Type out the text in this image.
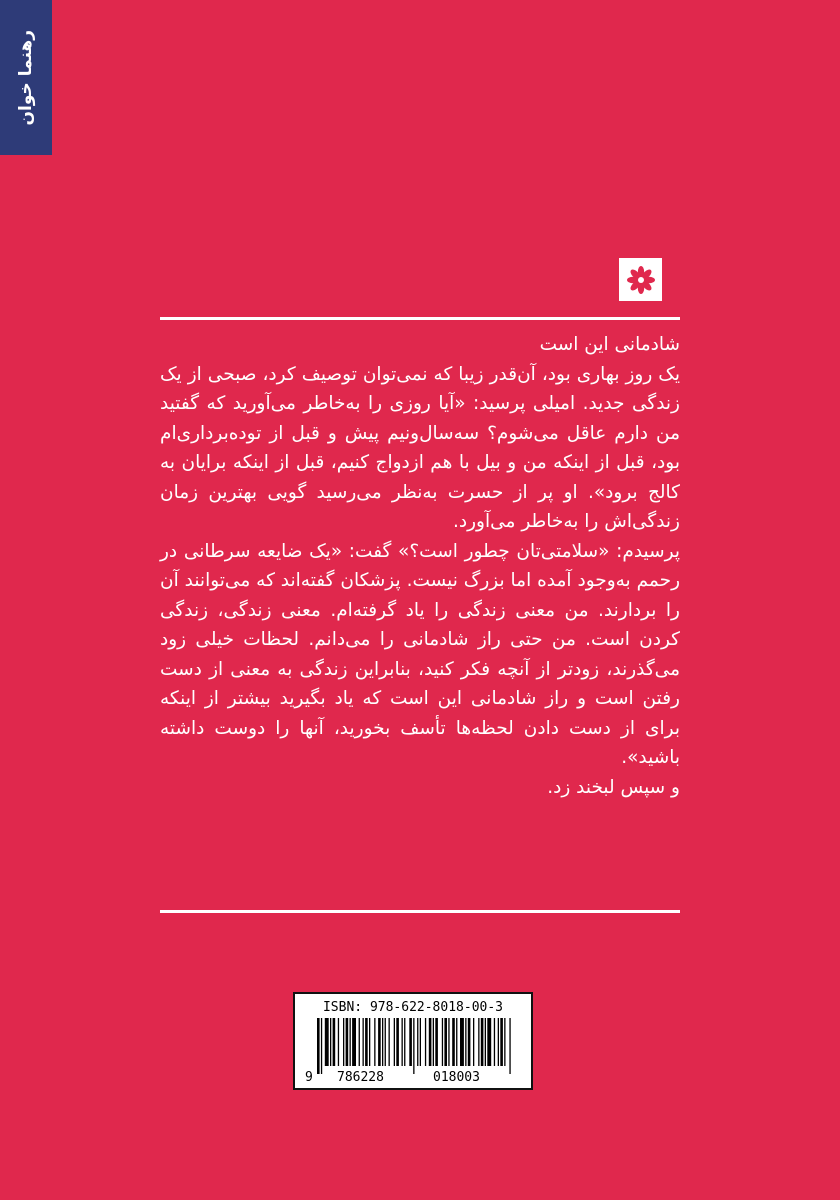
رهنما خوان

شادمانی این است

یک روز بهاری بود، آن‌قدر زیبا که نمی‌توان توصیف کرد، صبحی از یک زندگی جدید. امیلی پرسید: «آیا روزی را به‌خاطر می‌آورید که گفتید من دارم عاقل می‌شوم؟ سه‌سال‌ونیم پیش و قبل از توده‌برداری‌ام بود، قبل از اینکه من و بیل با هم ازدواج کنیم، قبل از اینکه برایان به کالج برود». او پر از حسرت به‌نظر می‌رسید گویی بهترین زمان زندگی‌اش را به‌خاطر می‌آورد.

پرسیدم: «سلامتی‌تان چطور است؟» گفت: «یک ضایعه سرطانی در رحمم به‌وجود آمده اما بزرگ نیست. پزشکان گفته‌اند که می‌توانند آن را بردارند. من معنی زندگی را یاد گرفته‌ام. معنی زندگی، زندگی کردن است. من حتی راز شادمانی را می‌دانم. لحظات خیلی زود می‌گذرند، زودتر از آنچه فکر کنید، بنابراین زندگی به معنی از دست رفتن است و راز شادمانی این است که یاد بگیرید بیشتر از اینکه برای از دست دادن لحظه‌ها تأسف بخورید، آنها را دوست داشته باشید».

و سپس لبخند زد.

ISBN: 978-622-8018-00-3
9 786228	018003
